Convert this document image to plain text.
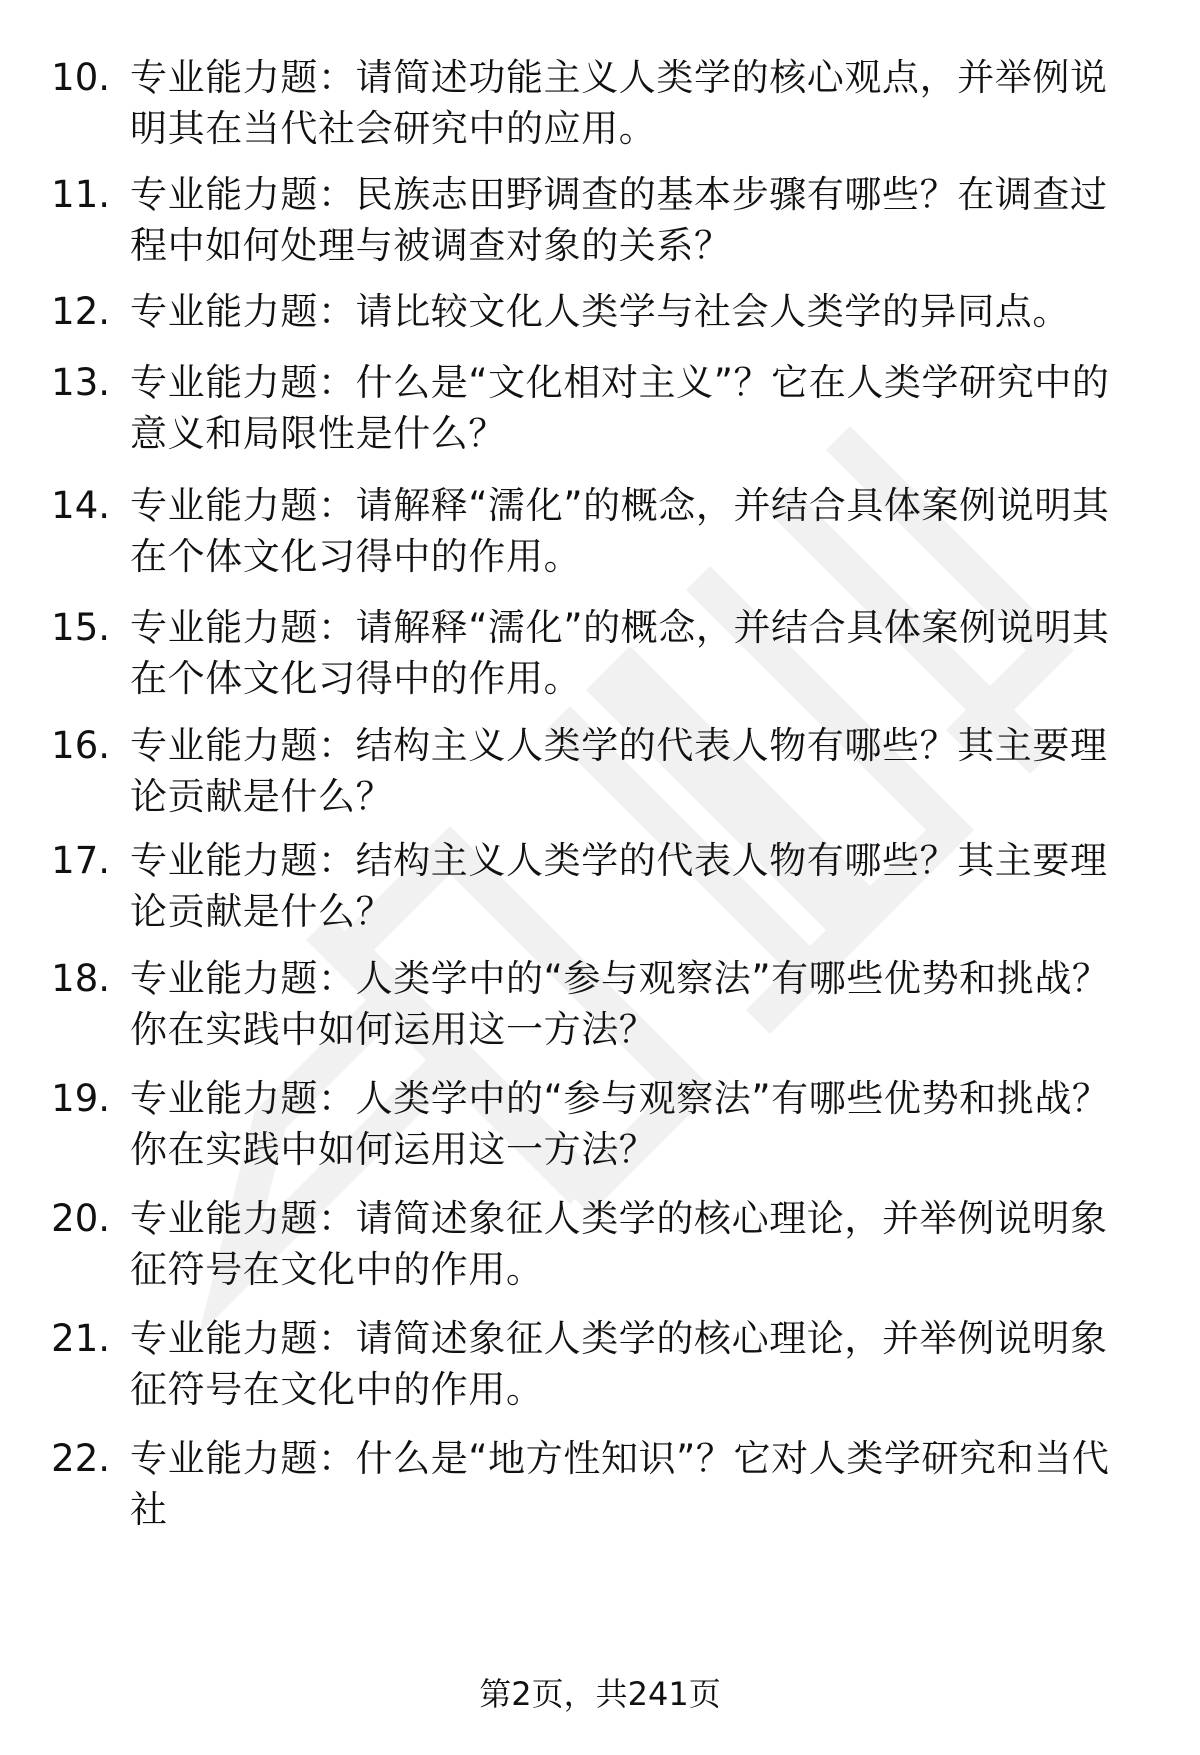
10. 专业能力题：请简述功能主义人类学的核心观点，并举例说明其在当代社会研究中的应用。
11. 专业能力题：民族志田野调查的基本步骤有哪些？在调查过程中如何处理与被调查对象的关系？
12. 专业能力题：请比较文化人类学与社会人类学的异同点。
13. 专业能力题：什么是“文化相对主义”？它在人类学研究中的意义和局限性是什么？
14. 专业能力题：请解释“濡化”的概念，并结合具体案例说明其在个体文化习得中的作用。
15. 专业能力题：请解释“濡化”的概念，并结合具体案例说明其在个体文化习得中的作用。
16. 专业能力题：结构主义人类学的代表人物有哪些？其主要理论贡献是什么？
17. 专业能力题：结构主义人类学的代表人物有哪些？其主要理论贡献是什么？
18. 专业能力题：人类学中的“参与观察法”有哪些优势和挑战？你在实践中如何运用这一方法？
19. 专业能力题：人类学中的“参与观察法”有哪些优势和挑战？你在实践中如何运用这一方法？
20. 专业能力题：请简述象征人类学的核心理论，并举例说明象征符号在文化中的作用。
21. 专业能力题：请简述象征人类学的核心理论，并举例说明象征符号在文化中的作用。
22. 专业能力题：什么是“地方性知识”？它对人类学研究和当代社
第2页，共241页
